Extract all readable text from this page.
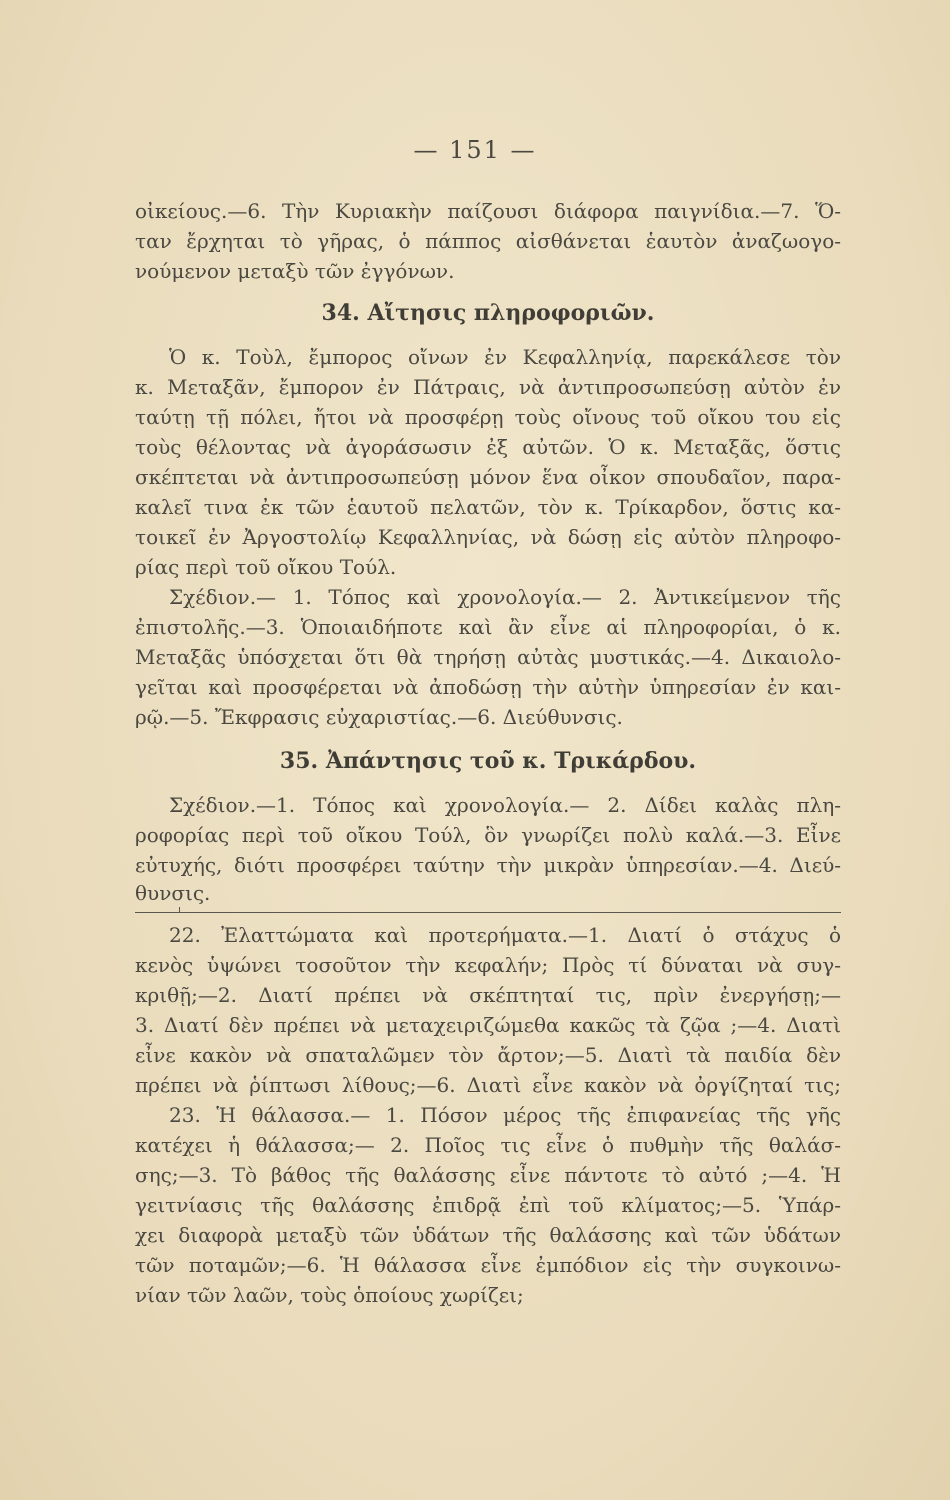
— 151 —
οἰκείους.—6. Τὴν Κυριακὴν παίζουσι διάφορα παιγνίδια.—7. Ὅ-
ταν ἔρχηται τὸ γῆρας, ὁ πάππος αἰσθάνεται ἑαυτὸν ἀναζωογο-
νούμενον μεταξὺ τῶν ἐγγόνων.
34. Αἴτησις πληροφοριῶν.
Ὁ κ. Τοὺλ, ἔμπορος οἴνων ἐν Κεφαλληνίᾳ, παρεκάλεσε τὸν
κ. Μεταξᾶν, ἔμπορον ἐν Πάτραις, νὰ ἀντιπροσωπεύσῃ αὐτὸν ἐν
ταύτῃ τῇ πόλει, ἤτοι νὰ προσφέρῃ τοὺς οἴνους τοῦ οἴκου του εἰς
τοὺς θέλοντας νὰ ἀγοράσωσιν ἐξ αὐτῶν. Ὁ κ. Μεταξᾶς, ὅστις
σκέπτεται νὰ ἀντιπροσωπεύσῃ μόνον ἕνα οἶκον σπουδαῖον, παρα-
καλεῖ τινα ἐκ τῶν ἑαυτοῦ πελατῶν, τὸν κ. Τρίκαρδον, ὅστις κα-
τοικεῖ ἐν Ἀργοστολίῳ Κεφαλληνίας, νὰ δώσῃ εἰς αὐτὸν πληροφο-
ρίας περὶ τοῦ οἴκου Τούλ.
Σχέδιον.— 1. Τόπος καὶ χρονολογία.— 2. Ἀντικείμενον τῆς
ἐπιστολῆς.—3. Ὁποιαιδήποτε καὶ ἂν εἶνε αἱ πληροφορίαι, ὁ κ.
Μεταξᾶς ὑπόσχεται ὅτι θὰ τηρήσῃ αὐτὰς μυστικάς.—4. Δικαιολο-
γεῖται καὶ προσφέρεται νὰ ἀποδώσῃ τὴν αὐτὴν ὑπηρεσίαν ἐν και-
ρῷ.—5. Ἔκφρασις εὐχαριστίας.—6. Διεύθυνσις.
35. Ἀπάντησις τοῦ κ. Τρικάρδου.
Σχέδιον.—1. Τόπος καὶ χρονολογία.— 2. Δίδει καλὰς πλη-
ροφορίας περὶ τοῦ οἴκου Τούλ, ὃν γνωρίζει πολὺ καλά.—3. Εἶνε
εὐτυχής, διότι προσφέρει ταύτην τὴν μικρὰν ὑπηρεσίαν.—4. Διεύ-
θυνσις.
22. Ἐλαττώματα καὶ προτερήματα.—1. Διατί ὁ στάχυς ὁ
κενὸς ὑψώνει τοσοῦτον τὴν κεφαλήν; Πρὸς τί δύναται νὰ συγ-
κριθῇ;—2. Διατί πρέπει νὰ σκέπτηταί τις, πρὶν ἐνεργήσῃ;—
3. Διατί δὲν πρέπει νὰ μεταχειριζώμεθα κακῶς τὰ ζῷα ;—4. Διατὶ
εἶνε κακὸν νὰ σπαταλῶμεν τὸν ἄρτον;—5. Διατὶ τὰ παιδία δὲν
πρέπει νὰ ῥίπτωσι λίθους;—6. Διατὶ εἶνε κακὸν νὰ ὀργίζηταί τις;
23. Ἡ θάλασσα.— 1. Πόσον μέρος τῆς ἐπιφανείας τῆς γῆς
κατέχει ἡ θάλασσα;— 2. Ποῖος τις εἶνε ὁ πυθμὴν τῆς θαλάσ-
σης;—3. Τὸ βάθος τῆς θαλάσσης εἶνε πάντοτε τὸ αὐτό ;—4. Ἡ
γειτνίασις τῆς θαλάσσης ἐπιδρᾷ ἐπὶ τοῦ κλίματος;—5. Ὑπάρ-
χει διαφορὰ μεταξὺ τῶν ὑδάτων τῆς θαλάσσης καὶ τῶν ὑδάτων
τῶν ποταμῶν;—6. Ἡ θάλασσα εἶνε ἐμπόδιον εἰς τὴν συγκοινω-
νίαν τῶν λαῶν, τοὺς ὁποίους χωρίζει;
